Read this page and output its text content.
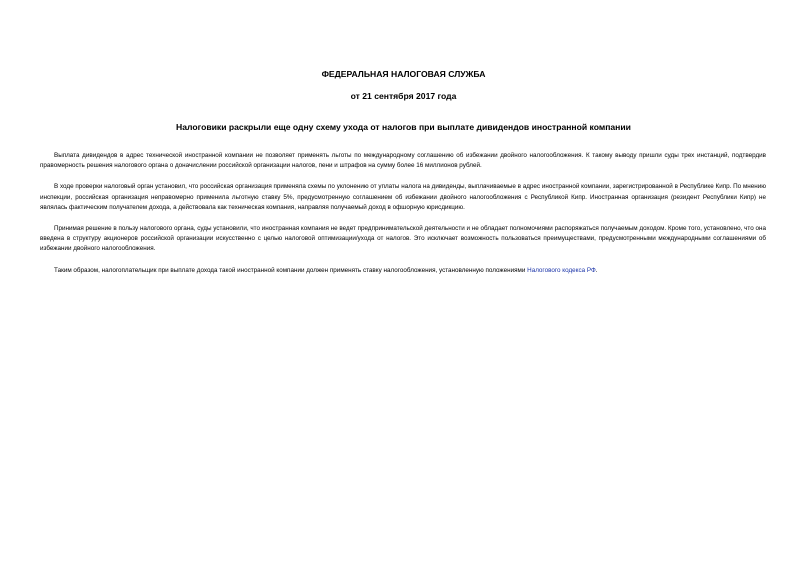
ФЕДЕРАЛЬНАЯ НАЛОГОВАЯ СЛУЖБА

от 21 сентября 2017 года

Налоговики раскрыли еще одну схему ухода от налогов при выплате дивидендов иностранной компании

Выплата дивидендов в адрес технической иностранной компании не позволяет применять льготы по международному соглашению об избежании двойного налогообложения. К такому выводу пришли суды трех инстанций, подтвердив правомерность решения налогового органа о доначислении российской организации налогов, пени и штрафов на сумму более 16 миллионов рублей.

В ходе проверки налоговый орган установил, что российская организация применяла схемы по уклонению от уплаты налога на дивиденды, выплачиваемые в адрес иностранной компании, зарегистрированной в Республике Кипр. По мнению инспекции, российская организация неправомерно применила льготную ставку 5%, предусмотренную соглашением об избежании двойного налогообложения с Республикой Кипр. Иностранная организация (резидент Республики Кипр) не являлась фактическим получателем дохода, а действовала как техническая компания, направляя получаемый доход в офшорную юрисдикцию.

Принимая решение в пользу налогового органа, суды установили, что иностранная компания не ведет предпринимательской деятельности и не обладает полномочиями распоряжаться получаемым доходом. Кроме того, установлено, что она введена в структуру акционеров российской организации искусственно с целью налоговой оптимизации/ухода от налогов. Это исключает возможность пользоваться преимуществами, предусмотренными международными соглашениями об избежании двойного налогообложения.

Таким образом, налогоплательщик при выплате дохода такой иностранной компании должен применять ставку налогообложения, установленную положениями Налогового кодекса РФ.
